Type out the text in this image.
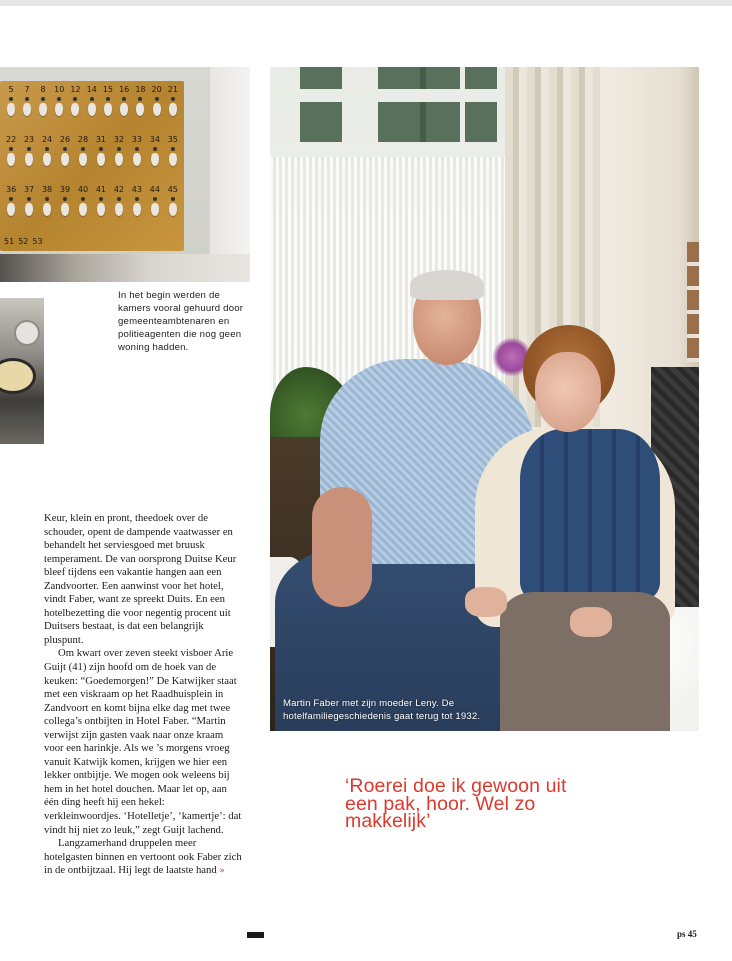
5 7 8 10 12 14 15 16 18 20 21
22 23 24 26 28 31 32 33 34 35
36 37 38 39 40 41 42 43 44 45
51 52 53
In het begin werden de kamers vooral gehuurd door gemeenteambtenaren en politieagenten die nog geen woning hadden.
Martin Faber met zijn moeder Leny. De hotelfamiliegeschiedenis gaat terug tot 1932.

Keur, klein en pront, theedoek over de schouder, opent de dampende vaatwasser en behandelt het serviesgoed met bruusk temperament. De van oorsprong Duitse Keur bleef tijdens een vakantie hangen aan een Zandvoorter. Een aanwinst voor het hotel, vindt Faber, want ze spreekt Duits. En een hotelbezetting die voor negentig procent uit Duitsers bestaat, is dat een belangrijk pluspunt.

Om kwart over zeven steekt visboer Arie Guijt (41) zijn hoofd om de hoek van de keuken: “Goedemorgen!” De Katwijker staat met een viskraam op het Raadhuisplein in Zandvoort en komt bijna elke dag met twee collega’s ontbijten in Hotel Faber. “Martin verwijst zijn gasten vaak naar onze kraam voor een harinkje. Als we ’s morgens vroeg vanuit Katwijk komen, krijgen we hier een lekker ontbijtje. We mogen ook weleens bij hem in het hotel douchen. Maar let op, aan één ding heeft hij een hekel: verkleinwoordjes. ‘Hotelletje’, ‘kamertje’: dat vindt hij niet zo leuk,” zegt Guijt lachend.

Langzamerhand druppelen meer hotelgasten binnen en vertoont ook Faber zich in de ontbijtzaal. Hij legt de laatste hand »

‘Roerei doe ik gewoon uit een pak, hoor. Wel zo makkelijk’
ps 45
